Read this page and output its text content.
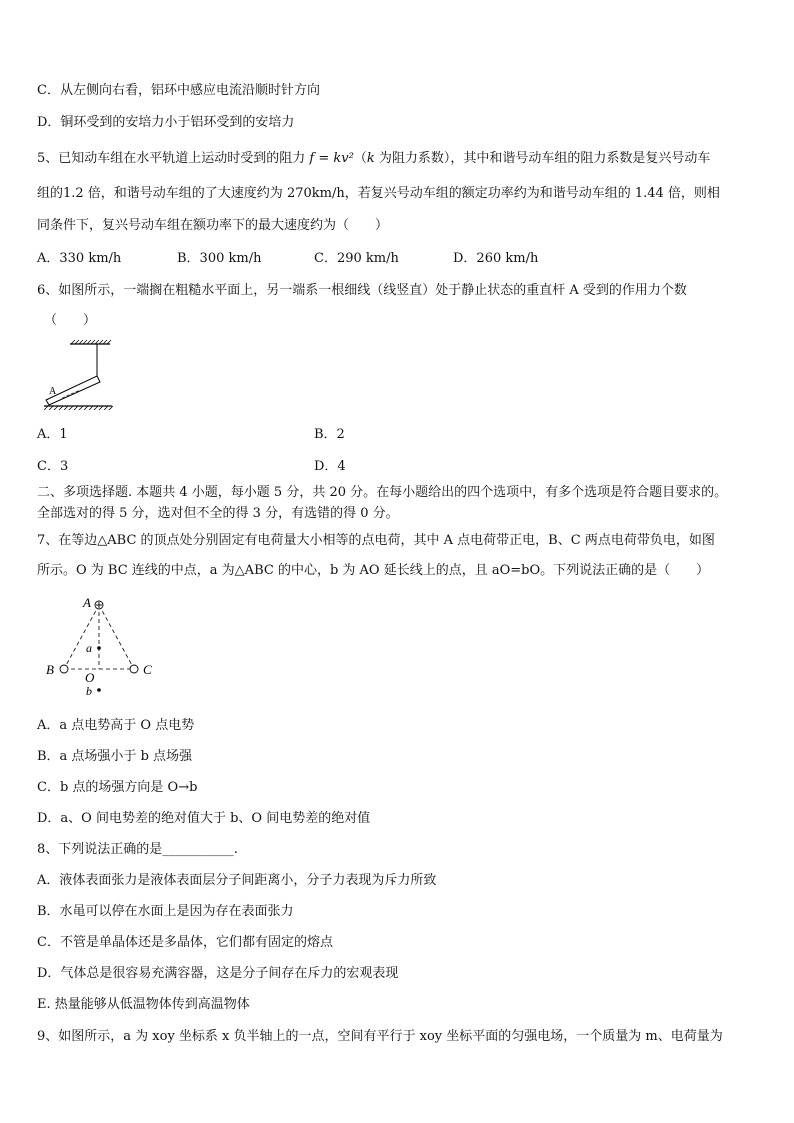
C．从左侧向右看，铝环中感应电流沿顺时针方向
D．铜环受到的安培力小于铝环受到的安培力
5、已知动车组在水平轨道上运动时受到的阻力 f = kv²（k 为阻力系数），其中和谐号动车组的阻力系数是复兴号动车
组的1.2 倍，和谐号动车组的了大速度约为 270km/h，若复兴号动车组的额定功率约为和谐号动车组的 1.44 倍，则相
同条件下，复兴号动车组在额功率下的最大速度约为（　　）
A．330 km/h	B．300 km/h	C．290 km/h	D．260 km/h
6、如图所示，一端搁在粗糙水平面上，另一端系一根细线（线竖直）处于静止状态的重直杆 A 受到的作用力个数
（　　）
A
A．1	B．2
C．3	D．4
二、多项选择题. 本题共 4 小题，每小题 5 分，共 20 分。在每小题给出的四个选项中，有多个选项是符合题目要求的。
全部选对的得 5 分，选对但不全的得 3 分，有选错的得 0 分。
7、在等边△ABC 的顶点处分别固定有电荷量大小相等的点电荷，其中 A 点电荷带正电，B、C 两点电荷带负电，如图
所示。O 为 BC 连线的中点，a 为△ABC 的中心，b 为 AO 延长线上的点，且 aO=bO。下列说法正确的是（　　）
A
B	C
O
a
b
A．a 点电势高于 O 点电势
B．a 点场强小于 b 点场强
C．b 点的场强方向是 O→b
D．a、O 间电势差的绝对值大于 b、O 间电势差的绝对值
8、下列说法正确的是___________.
A．液体表面张力是液体表面层分子间距离小，分子力表现为斥力所致
B．水黾可以停在水面上是因为存在表面张力
C．不管是单晶体还是多晶体，它们都有固定的熔点
D．气体总是很容易充满容器，这是分子间存在斥力的宏观表现
E. 热量能够从低温物体传到高温物体
9、如图所示，a 为 xoy 坐标系 x 负半轴上的一点，空间有平行于 xoy 坐标平面的匀强电场，一个质量为 m、电荷量为
